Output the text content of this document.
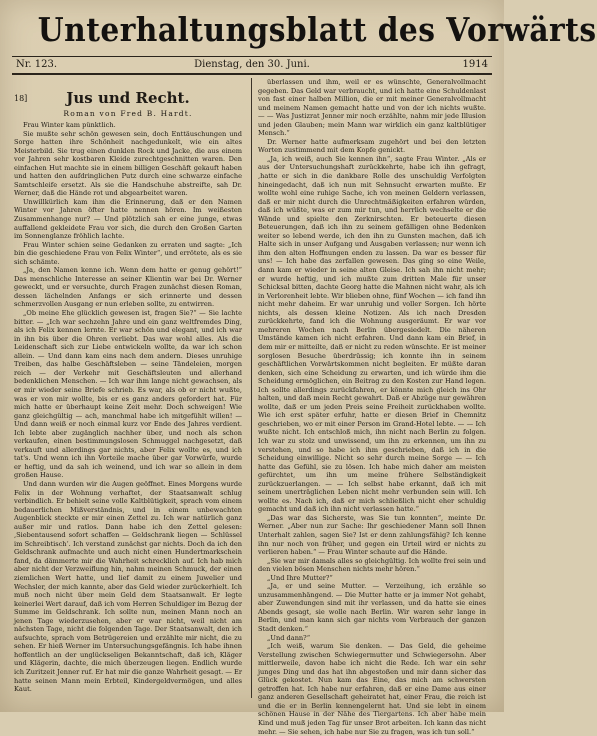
Unterhaltungsblatt des Vorwärts
Nr. 123.	Dienstag, den 30. Juni.	1914
Jus und Recht.
Roman von Fred B. Hardt.

Frau Winter kam pünktlich.

Sie mußte sehr schön gewesen sein, doch Enttäuschungen und Sorge hatten ihre Schönheit nachgedunkelt, wie ein altes Meisterbild. Sie trug einen dunklen Rock und Jacke, die aus einem vor Jahren sehr kostbaren Kleide zurechtgeschnitten waren. Den einfachen Hut machte sie in einem billigen Geschäft gekauft haben und hatten den aufdringlichen Putz durch eine schwarze einfache Samtschleife ersetzt. Als sie die Handschuhe abstreifte, sah Dr. Werner, daß die Hände rot und abgearbeitet waren.

Unwillkürlich kam ihm die Erinnerung, daß er den Namen Winter vor Jahren öfter hatte nennen hören. Im weißesten Zusammenhange nur? — Und plötzlich sah er eine junge, etwas auffallend gekleidete Frau vor sich, die durch den Großen Garten im Sonnenglanze fröhlich lachte.

Frau Winter schien seine Gedanken zu erraten und sagte: „Ich bin die geschiedene Frau von Felix Winter“, und errötete, als es sie sich schämte.

„Ja, den Namen kenne ich. Wenn dem hatte er genug gehört!“ Das menschliche Interesse an seiner Klientin war bei Dr. Werner geweckt, und er versuchte, durch Fragen zunächst diesen Roman, dessen lächelnden Anfangs er sich erinnerte und dessen schmerzvollen Ausgang er nun erleben sollte, zu entwirren.

„Ob meine Ehe glücklich gewesen ist, fragen Sie?“ — Sie lachte bitter. — „Ich war sechzehn Jahre und ein ganz weltfremdes Ding, als ich Felix kennen lernte. Er war schön und elegant, und ich war in ihn bis über die Ohren verliebt. Das war wohl alles. Als die Leidenschaft sich zur Liebe entwickeln wollte, da war ich schon allein. — Und dann kam eins nach dem andern. Dieses unruhige Treiben, das halbe Geschäftsleben — seine Tändeleien, morgen reich — der Verkehr mit Geschäftsleuten und allerhand bedenklichen Menschen. — Ich war ihm lange nicht gewachsen, als er mir wieder seine Briefe schrieb. Es war, als ob er nicht wußte, was er von mir wollte, bis er es ganz anders gefordert hat. Für mich hatte er überhaupt keine Zeit mehr. Doch schweigen! Wie ganz gleichgültig — ach, manchmal habe ich mitgefühlt willen! — Und dann weiß er noch einmal kurz vor Ende des Jahres verdient. Ich lebte aber zugänglich nachher über, und noch als schon verkaufen, einen bestimmungslosen Schmuggel nachgesetzt, daß verkauft und allerdings gar nichts, aber Felix wollte es, und ich tat's. Und wenn ich ihn Vorteile mache über gar Vorwürfe, wurde er heftig, und da sah ich weinend, und ich war so allein in dem großen Hause.

Und dann wurden wir die Augen geöffnet. Eines Morgens wurde Felix in der Wohnung verhaftet, der Staatsanwalt schlug verbindlich. Er behielt seine volle Kaltblütigkeit, sprach vom einem bedauerlichen Mißverständnis, und in einem unbewachten Augenblick steckte er mir einen Zettel zu. Ich war natürlich ganz außer mir und ratlos. Dann habe ich den Zettel gelesen: ‚Siebentausend sofort schaffen — Geldschrank liegen — Schlüssel im Schreibtisch‘. Ich verstand zunächst gar nichts. Doch da ich den Geldschrank aufmachte und auch nicht einen Hundertmarkschein fand, da dämmerte mir die Wahrheit schrecklich auf. Ich hab mich aber nicht der Verzweiflung hin, nahm meinen Schmuck, der einen ziemlichen Wert hatte, und lief damit zu einem Juwelier und Wechsler, der mich kannte, aber das Geld wieder zurückerhielt. Ich muß noch nicht über mein Geld dem Staatsanwalt. Er legte keinerlei Wert darauf, daß ich vom Herren Schuldiger im Bezug der Summe im Geldschrank. Ich sollte nun, meinen Mann noch an jenen Tage wiederzusehen, aber er war nicht, weil nicht am nächsten Tage, nicht die folgenden Tage. Der Staatsanwalt, den ich aufsuchte, sprach vom Betrügereien und erzählte mir nicht, die zu sehen. Er hieß Werner im Untersuchungsgefängnis. Ich habe ihnen hoffentlich an der unglückseligen Bekanntschaft, daß ich, Kläger und Klägerin, dachte, die mich überzeugen liegen. Endlich wurde ich Zuritzeit Jenner ruf. Er hat mir die ganze Wahrheit gesagt. — Er hatte seinen Mann mein Erbteil, Kindergeldvermögen, und alles Kaut.

18]

überlassen und ihm, weil er es wünschte, Generalvollmacht gegeben. Das Geld war verbraucht, und ich hatte eine Schuldenlast von fast einer halben Million, die er mit meiner Generalvollmacht und meinem Namen gemacht hatte und von der ich nichts wußte. — — Was Justizrat Jenner mir noch erzählte, nahm mir jede Illusion und jeden Glauben; mein Mann war wirklich ein ganz kaltblütiger Mensch.“

Dr. Werner hatte aufmerksam zugehört und bei den letzten Worten zustimmend mit dem Kopfe genickt.

„Ja, ich weiß, auch Sie kennen ihn“, sagte Frau Winter. „Als er aus der Untersuchungshaft zurückkehrte, habe ich ihn gefragt, ‚hatte er sich in die dankbare Rolle des unschuldig Verfolgten hineingedacht, daß ich nun mit Sehnsucht erwarten mußte. Er wollte wohl eine ruhige Sache, ich von meinen Geldern verlassen, daß er mir nicht durch die Unrechtmäßigkeiten erfahren würden, daß ich wüßte, was er zum mir tun, und herrlich wechselte er die Wände und spielte den Zerknirschten. Er beteuerte diesen Beteuerungen, daß ich ihn zu seinem gefälligen ohne Bedenken weiter so lebend werde, ich den ihn zu Gunsten machen, daß ich Halte sich in unser Aufgang und Ausgaben verlassen; nur wenn ich ihm den alten Hoffnungen enden zu lassen. Da war es besser für uns! — Ich habe das zerfallen gewesen. Das ging so eine Weile, dann kam er wieder in seine alten Gleise. Ich sah ihn nicht mehr; er wurde heftig, und ich mußte zum dritten Male für unser Schicksal bitten, dachte Georg hatte die Mahnen nicht wahr, als ich in Verlorenheit lebte. Wir blieben ohne, fünf Wochen — ich fand ihn nicht mehr daheim. Er war unruhig und voller Sorgen. Ich hörte nichts, als dessen kleine Notizen. Als ich nach Dresden zurückkehrte, fand ich die Wohnung ausgeräumt. Er war vor mehreren Wochen nach Berlin übergesiedelt. Die näheren Umstände kamen ich nicht erfahren. Und dann kam ein Brief, in dem mir er mitteilte, daß er nicht zu reden wünschte. Er ist meiner sorglosen Besuche überdrüssig; ich konnte ihn in seinem geschäftlichen Vorwärtskommen nicht begleiten. Er müßte daran denken, sich eine Scheidung zu erwarten, und ich würde ihm die Scheidung ermöglichen, ein Beitrag zu den Kosten zur Hand legen. Ich sollte allerdings zurückfahren, er könnte mich gleich ins Ohr halten, und daß mein Recht gewahrt. Daß er Abzüge nur gewähren wollte, daß er um jeden Preis seine Freiheit zurückhaben wollte. Wie ich erst später erfuhr, hatte er diesen Brief in Chemnitz geschrieben, wo er mit einer Person im Grand-Hotel lebte. — — Ich wußte nicht. Ich entschloß mich, ihn nicht nach Berlin zu folgen. Ich war zu stolz und unwissend, um ihn zu erkennen, um ihn zu verstehen, und so habe ich ihm geschrieben, daß ich in die Scheidung einwillige. Nicht so sehr durch meine Sorge — — Ich hatte das Gefühl, sie zu lösen. Ich habe mich daher am meisten gefürchtet, um ihn um meine frühere Selbständigkeit zurückzuerlangen. — — Ich selbst habe erkannt, daß ich mit seinem unerträglichen Leben nicht mehr verbunden sein will. Ich wollte es. Nach ich, daß er mich schließlich nicht eher schuldig gemacht und daß ich ihn nicht verlassen hatte.“

„Das war das Sicherste, was Sie tun konnten“, meinte Dr. Werner. „Aber nun zur Sache: Ihr geschiedener Mann soll Ihnen Unterhalt zahlen, sagen Sie? Ist er denn zahlungsfähig? Ich kenne ihn nur noch von früher, und gegen ein Urteil wird er nichts zu verlieren haben.“ — Frau Winter schaute auf die Hände.

„Sie war mir damals alles so gleichgültig. Ich wollte frei sein und den vielen bösen Menschen nichts mehr hören.“

„Und Ihre Mutter?“

„Ja, er und seine Mutter. — Verzeihung, ich erzähle so unzusammenhängend. — Die Mutter hatte er ja immer Not gehabt, aber Zuwendungen sind mit ihr verlassen, und da hatte sie eines Abends gesagt, sie wolle nach Berlin. Wir waren sehr lange in Berlin, und man kann sich gar nichts vom Verbrauch der ganzen Stadt denken.“

„Und dann?“

„Ich weiß, warum Sie denken. — Das Geld, die geheime Verstellung zwischen Schwiegermutter und Schwiegersohn. Aber mittlerweile, davon habe ich nicht die Rede. Ich war ein sehr junges Ding und das hat ihn abgestoßen und mir dann sicher das Glück gekostet. Nun kam das Eine, das mich am schwersten getroffen hat. Ich habe nur erfahren, daß er eine Dame aus einer ganz anderen Gesellschaft geheiratet hat, einer Frau, die reich ist und die er in Berlin kennengelernt hat. Und sie lebt in einem schönen Hause in der Nähe des Tiergartens. Ich aber habe mein Kind und muß jeden Tag für unser Brot arbeiten. Ich kann das nicht mehr. — Sie sehen, ich habe nur Sie zu fragen, was ich tun soll.“
